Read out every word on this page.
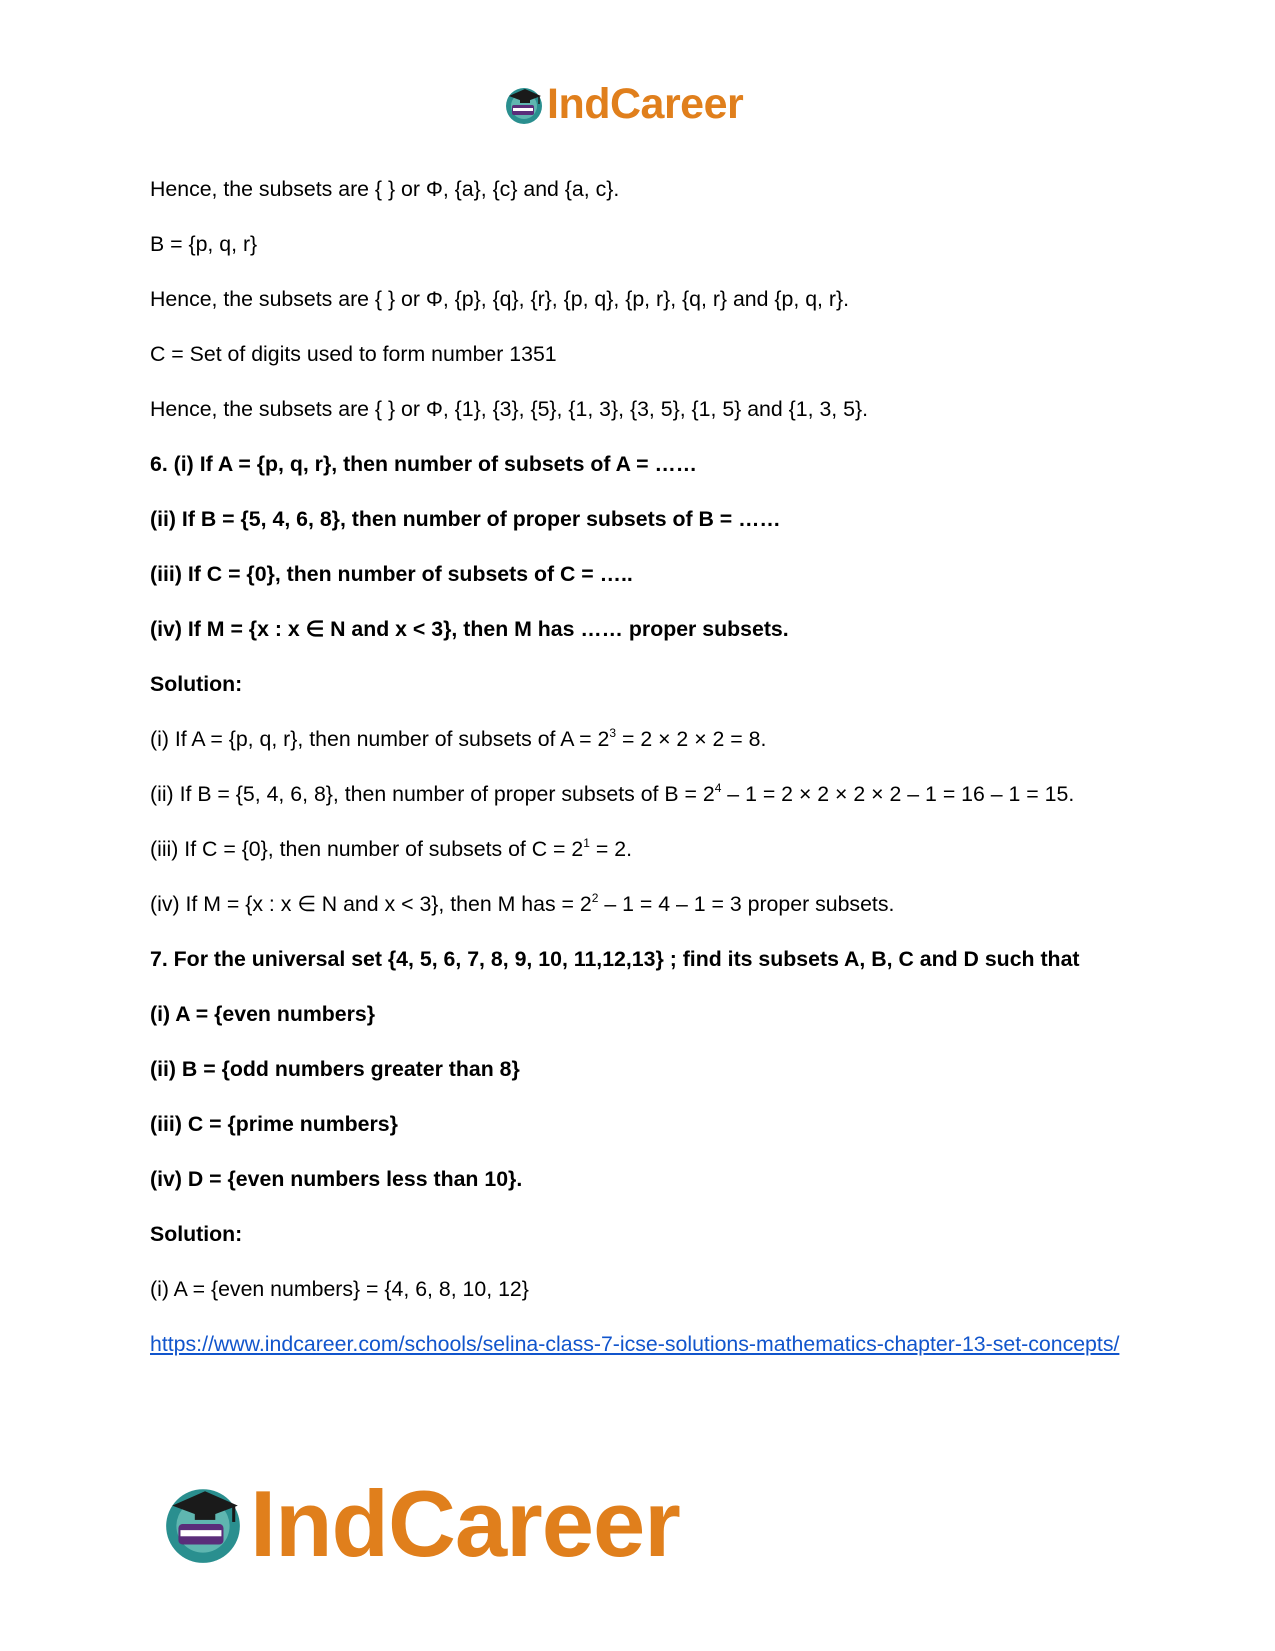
IndCareer

Hence, the subsets are { } or Φ, {a}, {c} and {a, c}.

B = {p, q, r}

Hence, the subsets are { } or Φ, {p}, {q}, {r}, {p, q}, {p, r}, {q, r} and {p, q, r}.

C = Set of digits used to form number 1351

Hence, the subsets are { } or Φ, {1}, {3}, {5}, {1, 3}, {3, 5}, {1, 5} and {1, 3, 5}.

6. (i) If A = {p, q, r}, then number of subsets of A = ……

(ii) If B = {5, 4, 6, 8}, then number of proper subsets of B = ……

(iii) If C = {0}, then number of subsets of C = …..

(iv) If M = {x : x ∈ N and x < 3}, then M has …… proper subsets.

Solution:

(i) If A = {p, q, r}, then number of subsets of $A = 2^3 = 2 \times 2 \times 2 = 8$.

(ii) If B = {5, 4, 6, 8}, then number of proper subsets of $B = 2^4 - 1 = 2 \times 2 \times 2 \times 2 - 1 = 16 - 1 = 15$.

(iii) If C = {0}, then number of subsets of $C = 2^1 = 2$.

(iv) If M = {x : x ∈ N and x < 3}, then M has = $2^2 - 1 = 4 - 1 = 3$ proper subsets.

7. For the universal set {4, 5, 6, 7, 8, 9, 10, 11,12,13} ; find its subsets A, B, C and D such that

(i) A = {even numbers}

(ii) B = {odd numbers greater than 8}

(iii) C = {prime numbers}

(iv) D = {even numbers less than 10}.

Solution:

(i) A = {even numbers} = {4, 6, 8, 10, 12}

https://www.indcareer.com/schools/selina-class-7-icse-solutions-mathematics-chapter-13-set-concepts/

IndCareer
